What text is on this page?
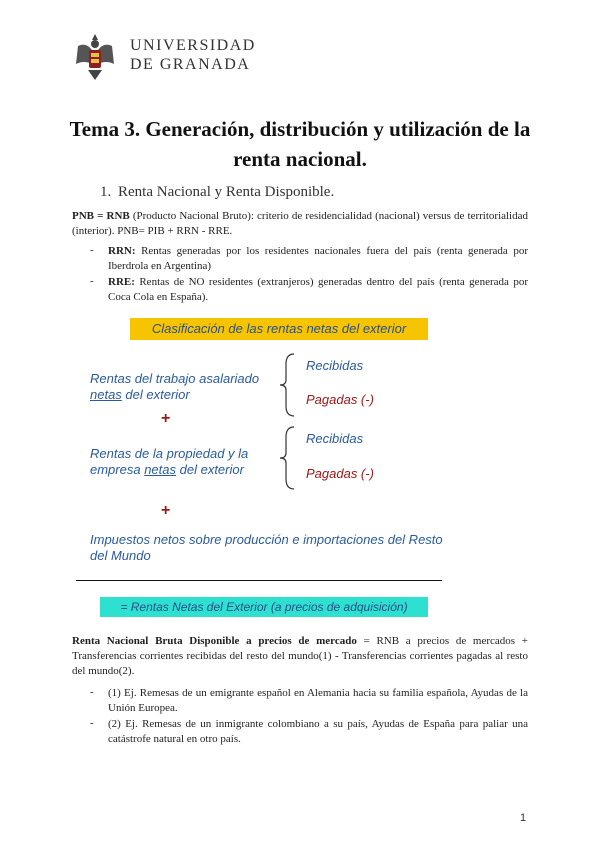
UNIVERSIDAD
DE GRANADA
Tema 3. Generación, distribución y utilización de la renta nacional.
1. Renta Nacional y Renta Disponible.
PNB = RNB (Producto Nacional Bruto): criterio de residencialidad (nacional) versus de territorialidad (interior). PNB= PIB + RRN - RRE.
- RRN: Rentas generadas por los residentes nacionales fuera del país (renta generada por Iberdrola en Argentina)
- RRE: Rentas de NO residentes (extranjeros) generadas dentro del país (renta generada por Coca Cola en España).
Clasificación de las rentas netas del exterior
Rentas del trabajo asalariado
netas del exterior
Recibidas
Pagadas (-)
+
Rentas de la propiedad y la
empresa netas del exterior
Recibidas
Pagadas (-)
+
Impuestos netos sobre producción e importaciones del Resto del Mundo
= Rentas Netas del Exterior (a precios de adquisición)
Renta Nacional Bruta Disponible a precios de mercado = RNB a precios de mercados + Transferencias corrientes recibidas del resto del mundo(1) - Transferencias corrientes pagadas al resto del mundo(2).
- (1) Ej. Remesas de un emigrante español en Alemania hacia su familia española, Ayudas de la Unión Europea.
- (2) Ej. Remesas de un inmigrante colombiano a su país, Ayudas de España para paliar una catástrofe natural en otro país.
1
